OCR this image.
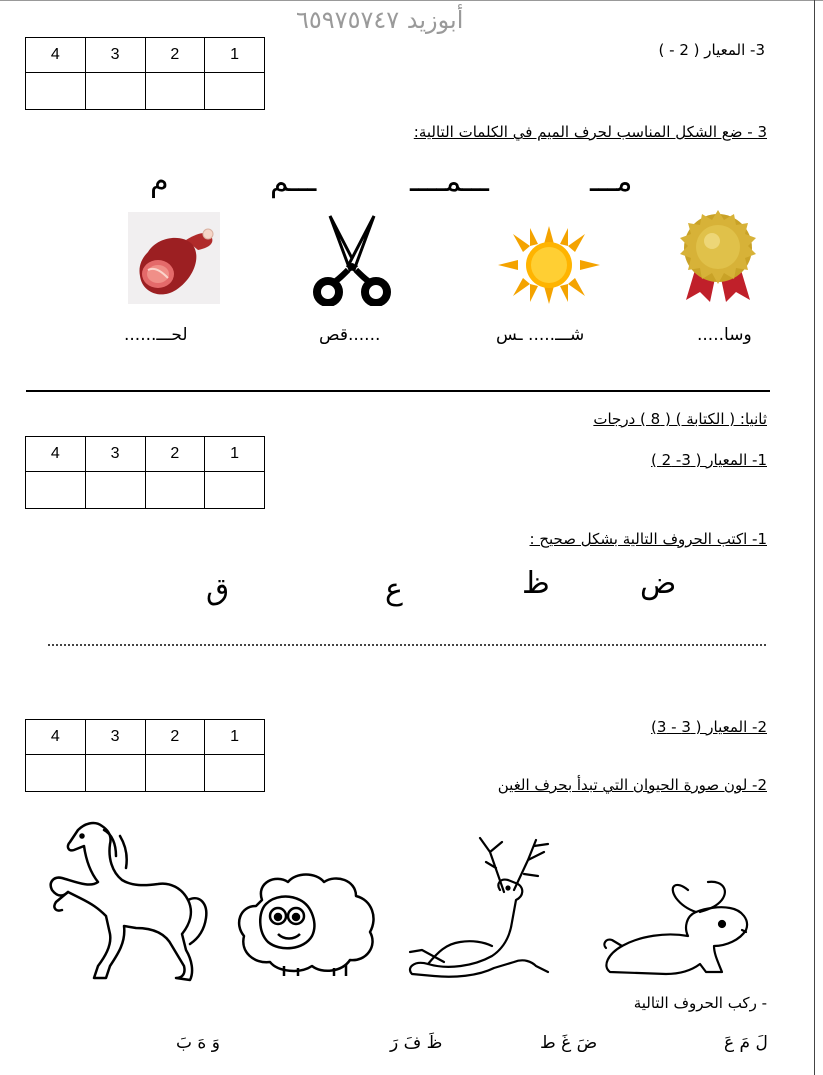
أبوزيد ٦٥٩٧٥٧٤٧
4	3	2	1
				3- المعيار ( 2 - )
3 - ضع الشكل المناسب لحرف الميم في الكلمات التالية:
مـــ
ـــمــــ
ـــم
م
وسا.....
شـــ..... ـس
......قص
لحـــ......
ثانيا: ( الكتابة ) ( 8 ) درجات
4	3	2	1
				1- المعيار ( 3- 2 )
1- اكتب الحروف التالية بشكل صحيح :
ض
ظ
ع
ق
4	3	2	1

2- المعيار ( 3 - 3)
2- لون صورة الحيوان التي تبدأ بحرف الغين
- ركب الحروف التالية
لَ مَ عَ
ضَ غَ ط
ظَ فَ رَ
وَ هَ بَ
